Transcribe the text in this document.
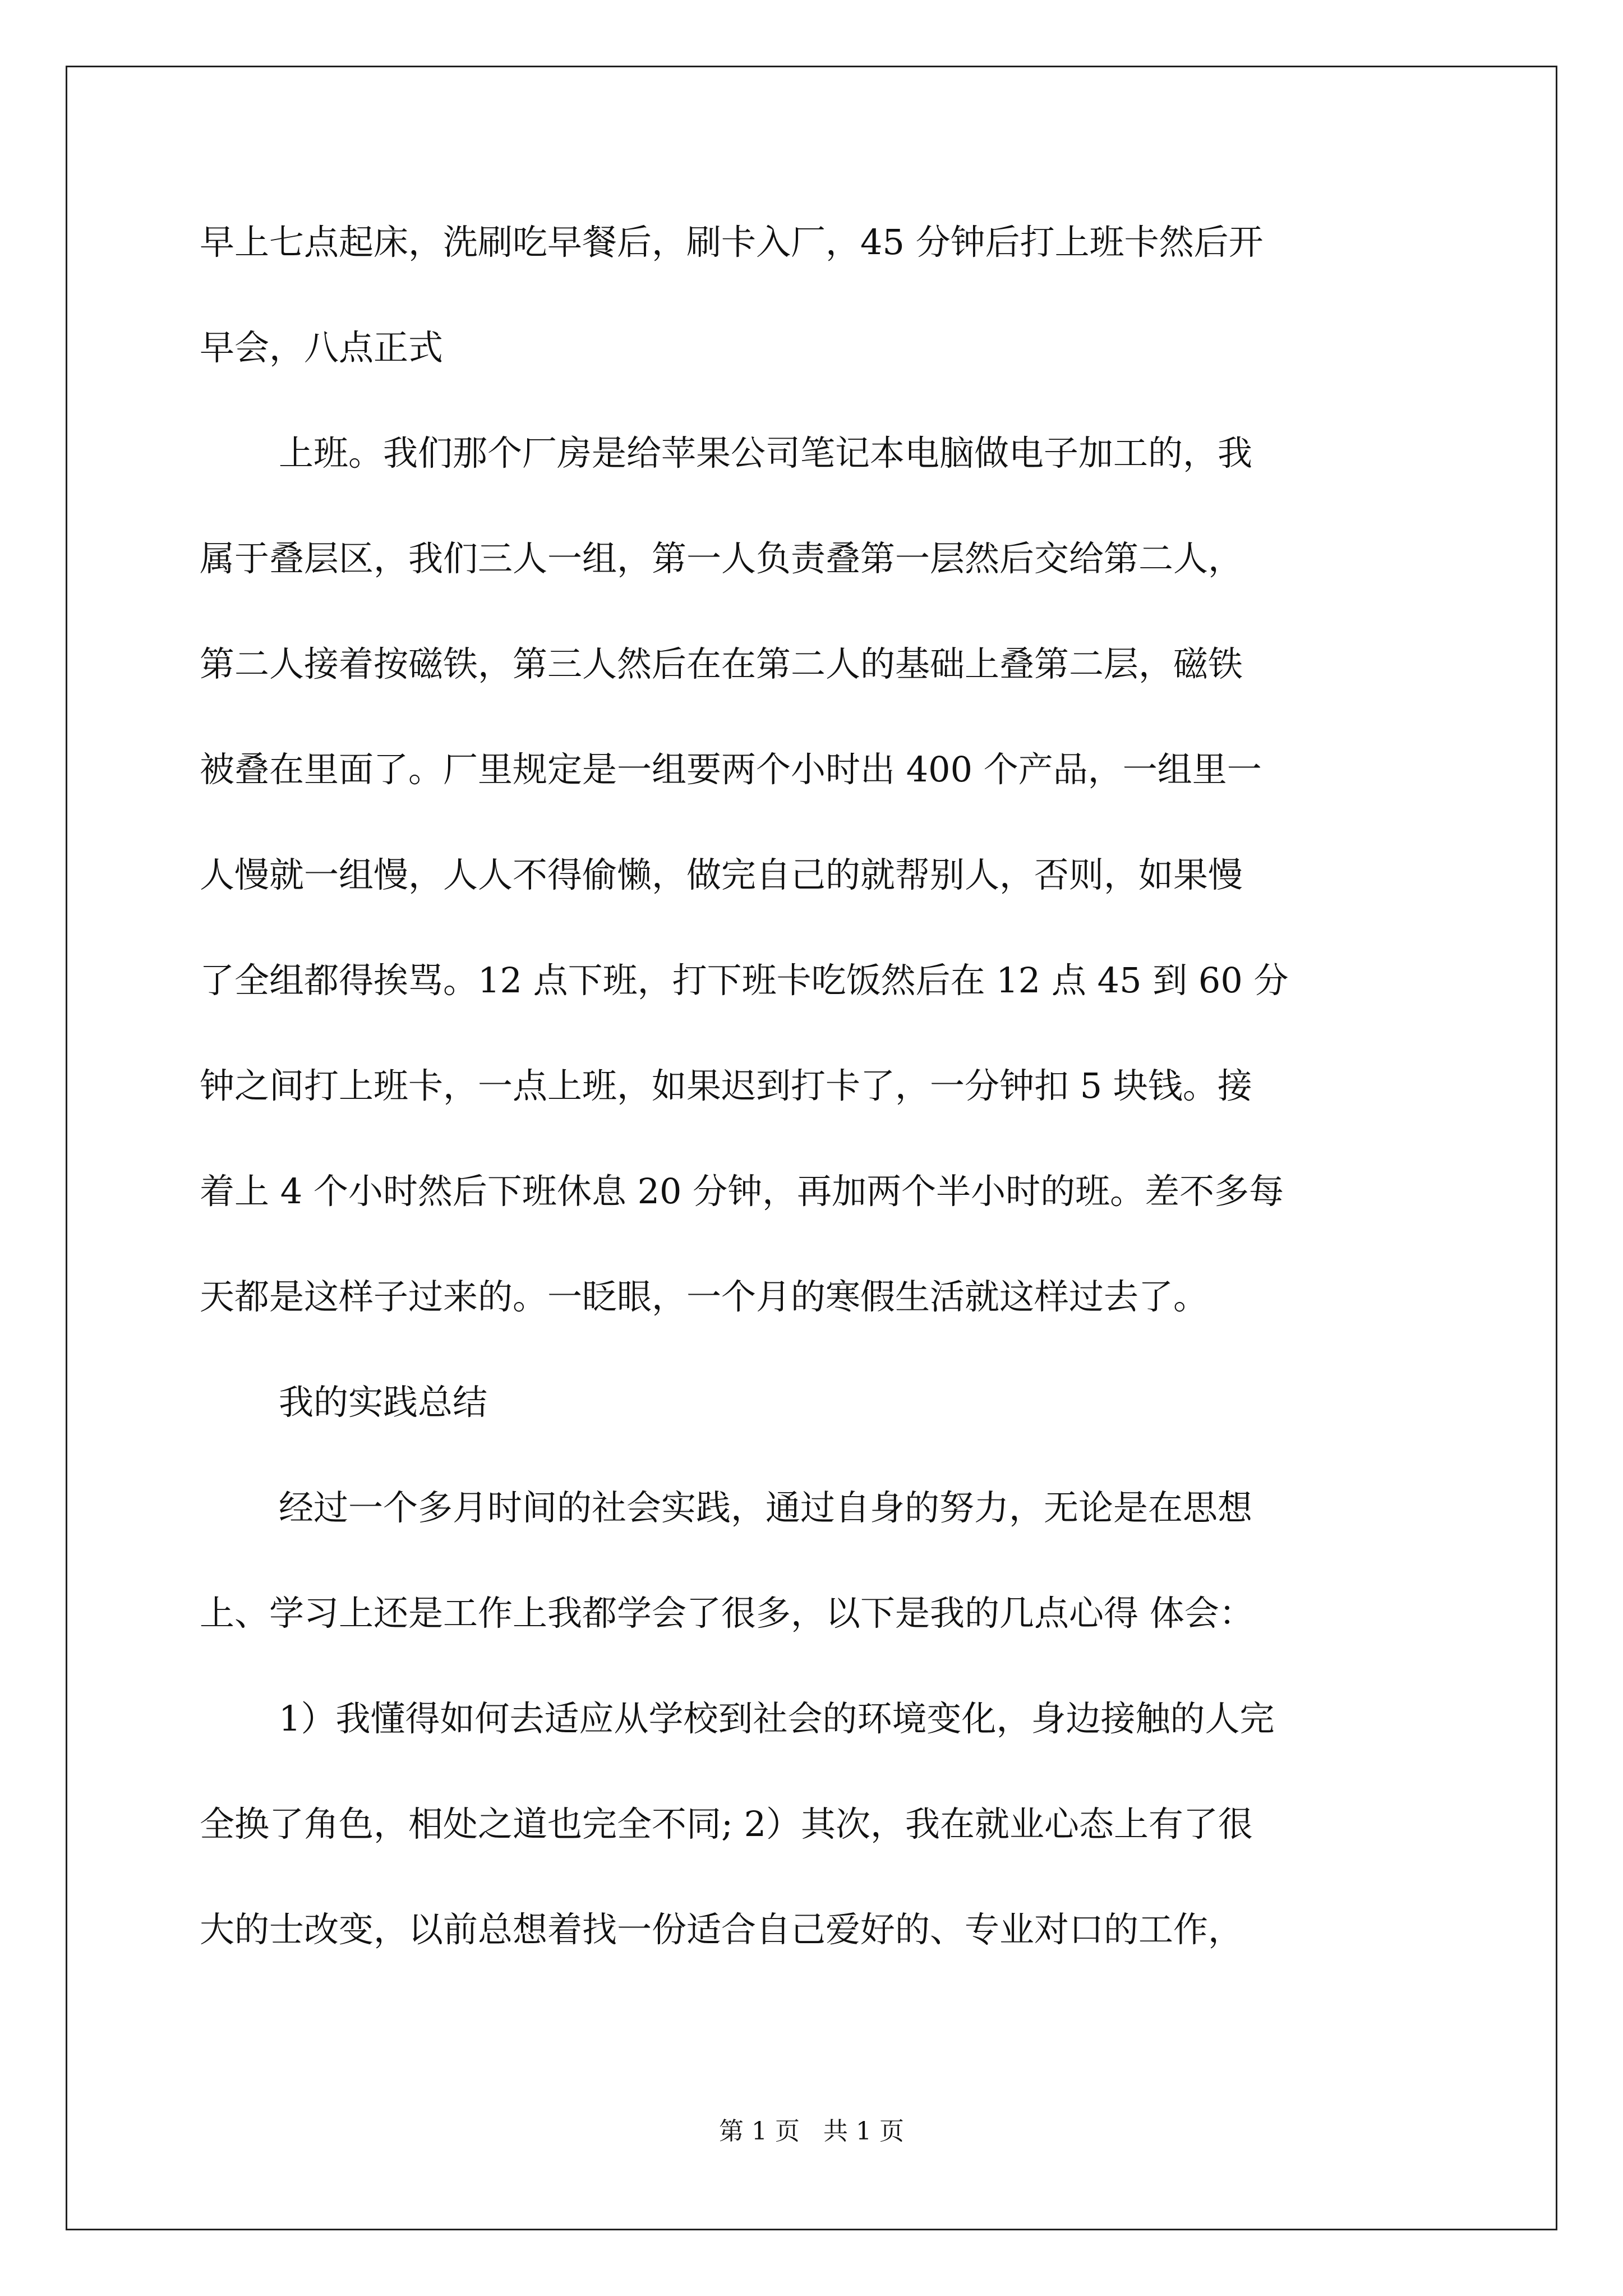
早上七点起床，洗刷吃早餐后，刷卡入厂，45 分钟后打上班卡然后开
早会，八点正式
上班。我们那个厂房是给苹果公司笔记本电脑做电子加工的，我
属于叠层区，我们三人一组，第一人负责叠第一层然后交给第二人，
第二人接着按磁铁，第三人然后在在第二人的基础上叠第二层，磁铁
被叠在里面了。厂里规定是一组要两个小时出 400 个产品，一组里一
人慢就一组慢，人人不得偷懒，做完自己的就帮别人，否则，如果慢
了全组都得挨骂。12 点下班，打下班卡吃饭然后在 12 点 45 到 60 分
钟之间打上班卡，一点上班，如果迟到打卡了，一分钟扣 5 块钱。接
着上 4 个小时然后下班休息 20 分钟，再加两个半小时的班。差不多每
天都是这样子过来的。一眨眼，一个月的寒假生活就这样过去了。
我的实践总结
经过一个多月时间的社会实践，通过自身的努力，无论是在思想
上、学习上还是工作上我都学会了很多，以下是我的几点心得 体会：
1）我懂得如何去适应从学校到社会的环境变化，身边接触的人完
全换了角色，相处之道也完全不同; 2）其次，我在就业心态上有了很
大的士改变，以前总想着找一份适合自己爱好的、专业对口的工作，
第 1 页 共 1 页
